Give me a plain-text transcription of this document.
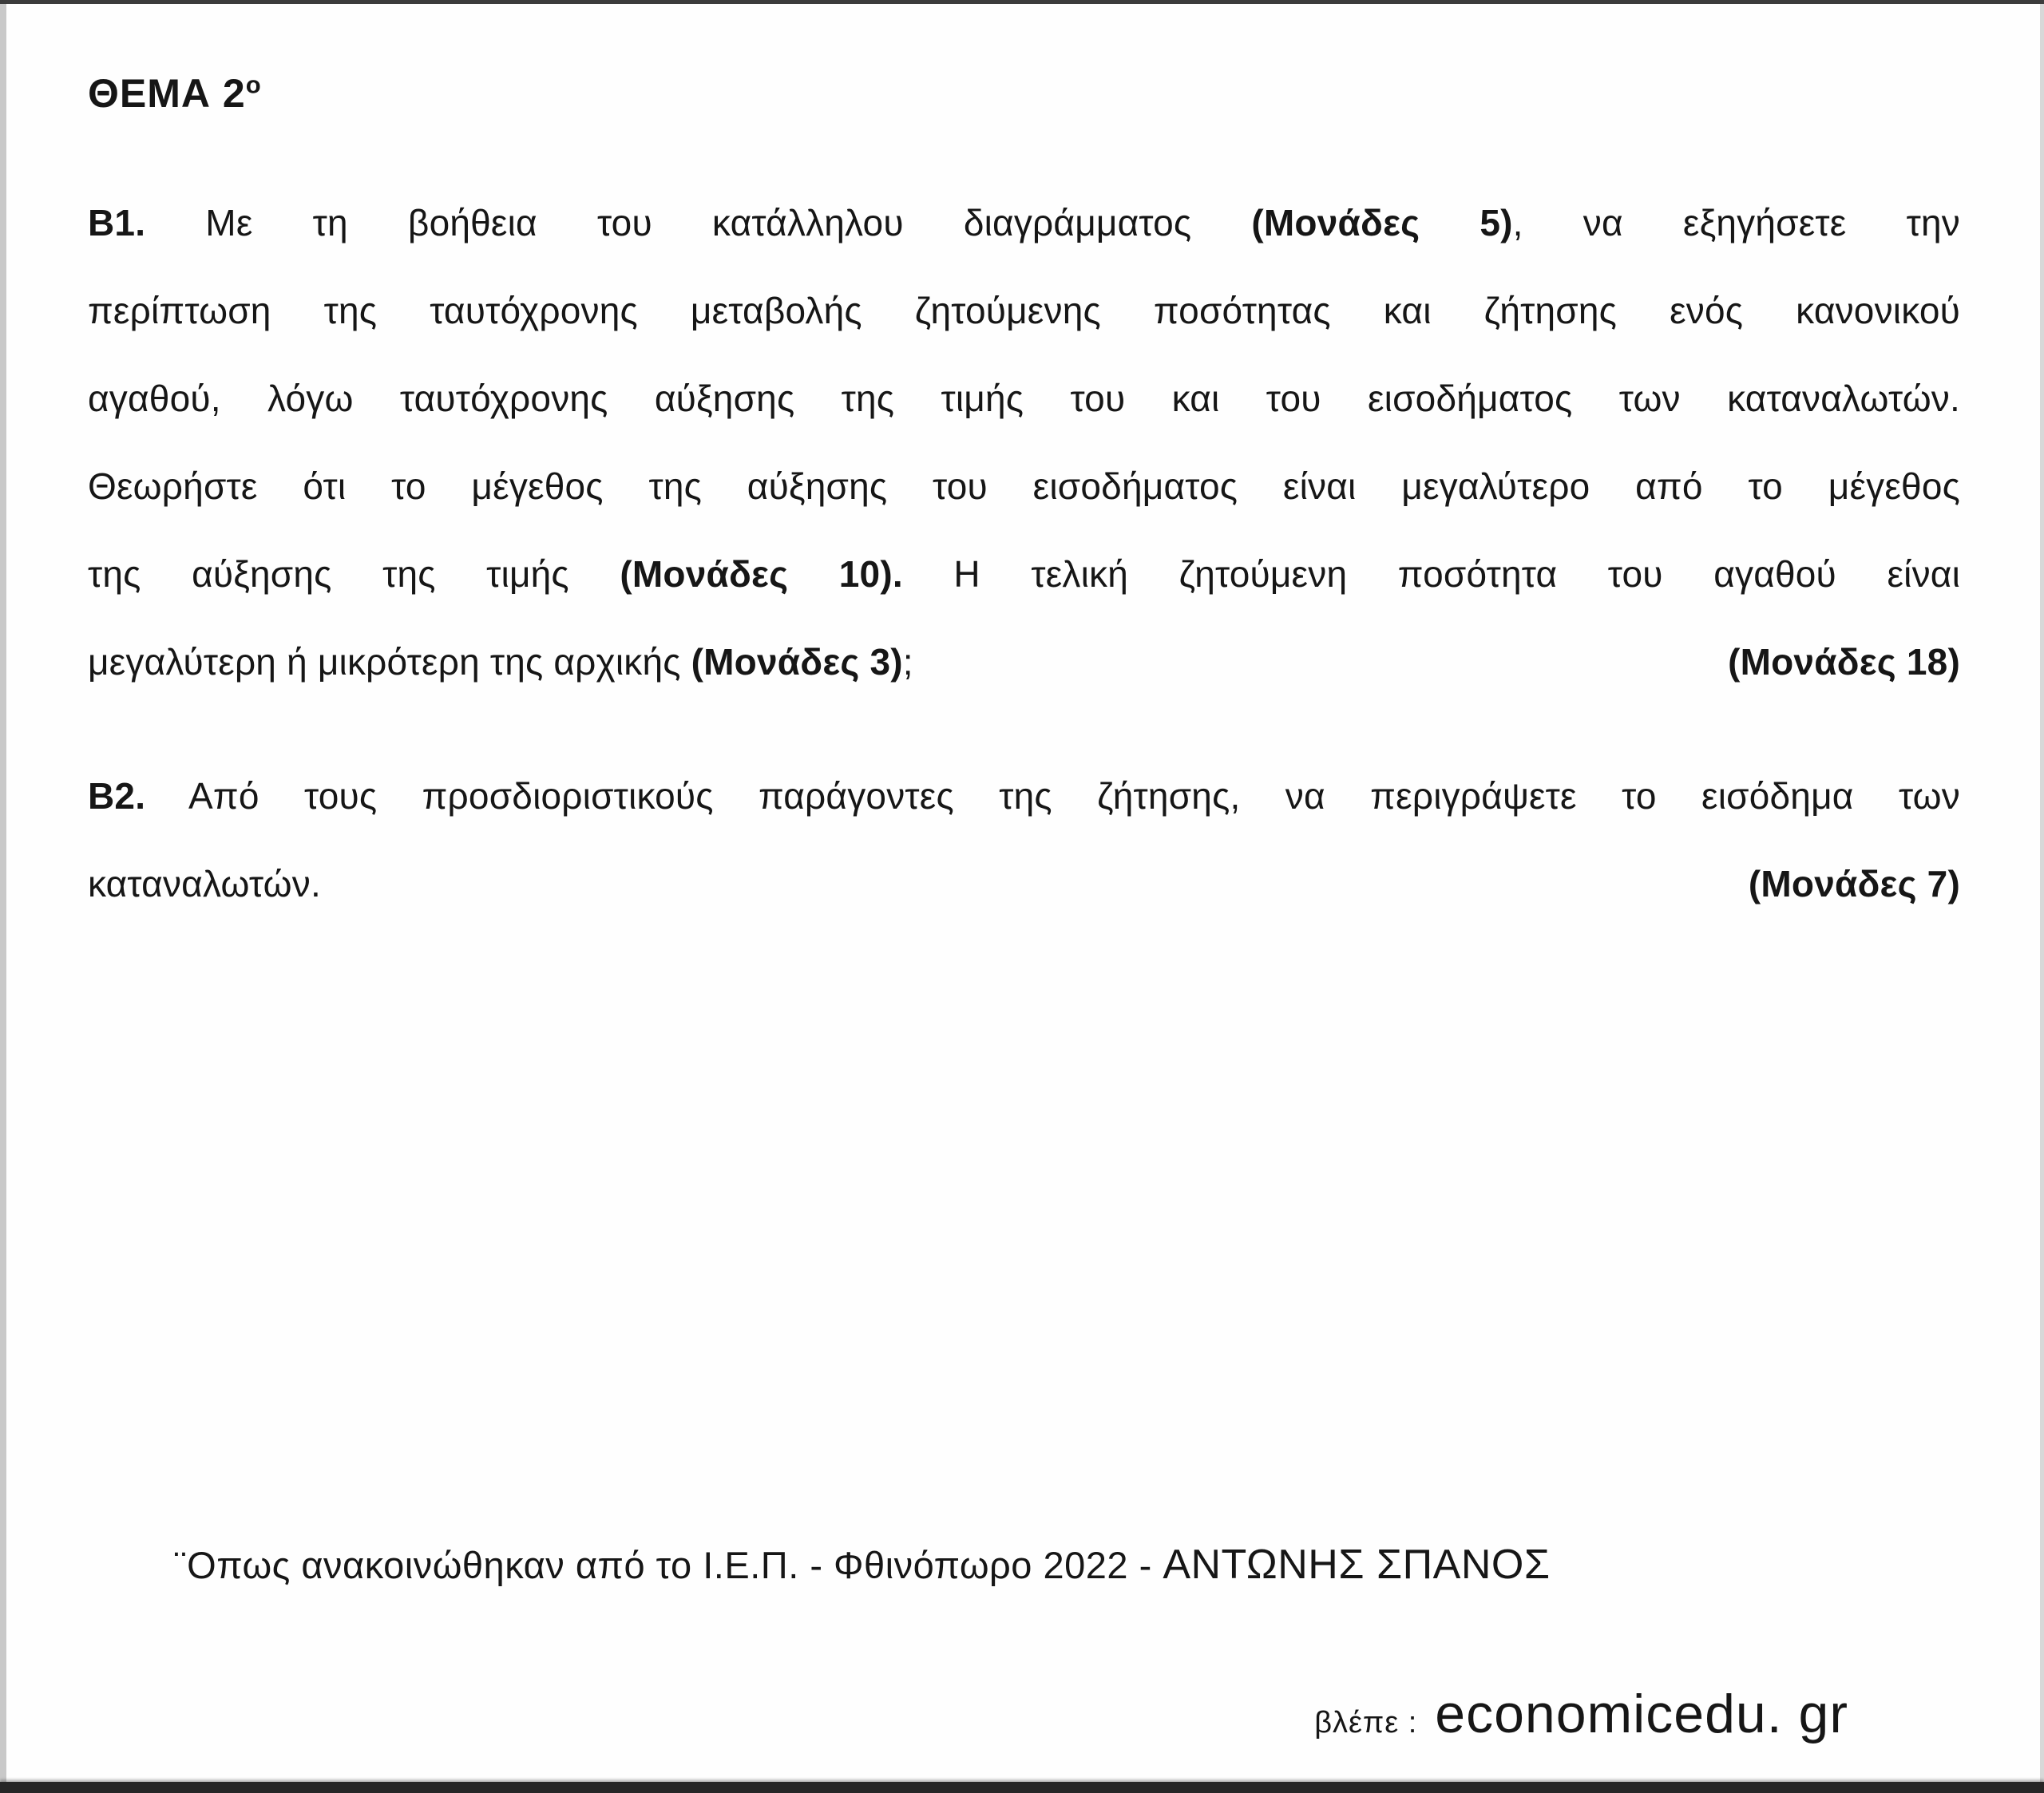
ΘΕΜΑ $2^o$
Β1. Με τη βοήθεια του κατάλληλου διαγράμματος (Μονάδες 5), να εξηγήσετε την
περίπτωση της ταυτόχρονης μεταβολής ζητούμενης ποσότητας και ζήτησης ενός κανονικού
αγαθού, λόγω ταυτόχρονης αύξησης της τιμής του και του εισοδήματος των καταναλωτών.
Θεωρήστε ότι το μέγεθος της αύξησης του εισοδήματος είναι μεγαλύτερο από το μέγεθος
της αύξησης της τιμής (Μονάδες 10). Η τελική ζητούμενη ποσότητα του αγαθού είναι
μεγαλύτερη ή μικρότερη της αρχικής (Μονάδες 3);	(Μονάδες 18)
Β2. Από τους προσδιοριστικούς παράγοντες της ζήτησης, να περιγράψετε το εισόδημα των
καταναλωτών.	(Μονάδες 7)
¨Οπως ανακοινώθηκαν από το Ι.Ε.Π. - Φθινόπωρο 2022 - ΑΝΤΩΝΗΣ ΣΠΑΝΟΣ
βλέπε : economicedu. gr
